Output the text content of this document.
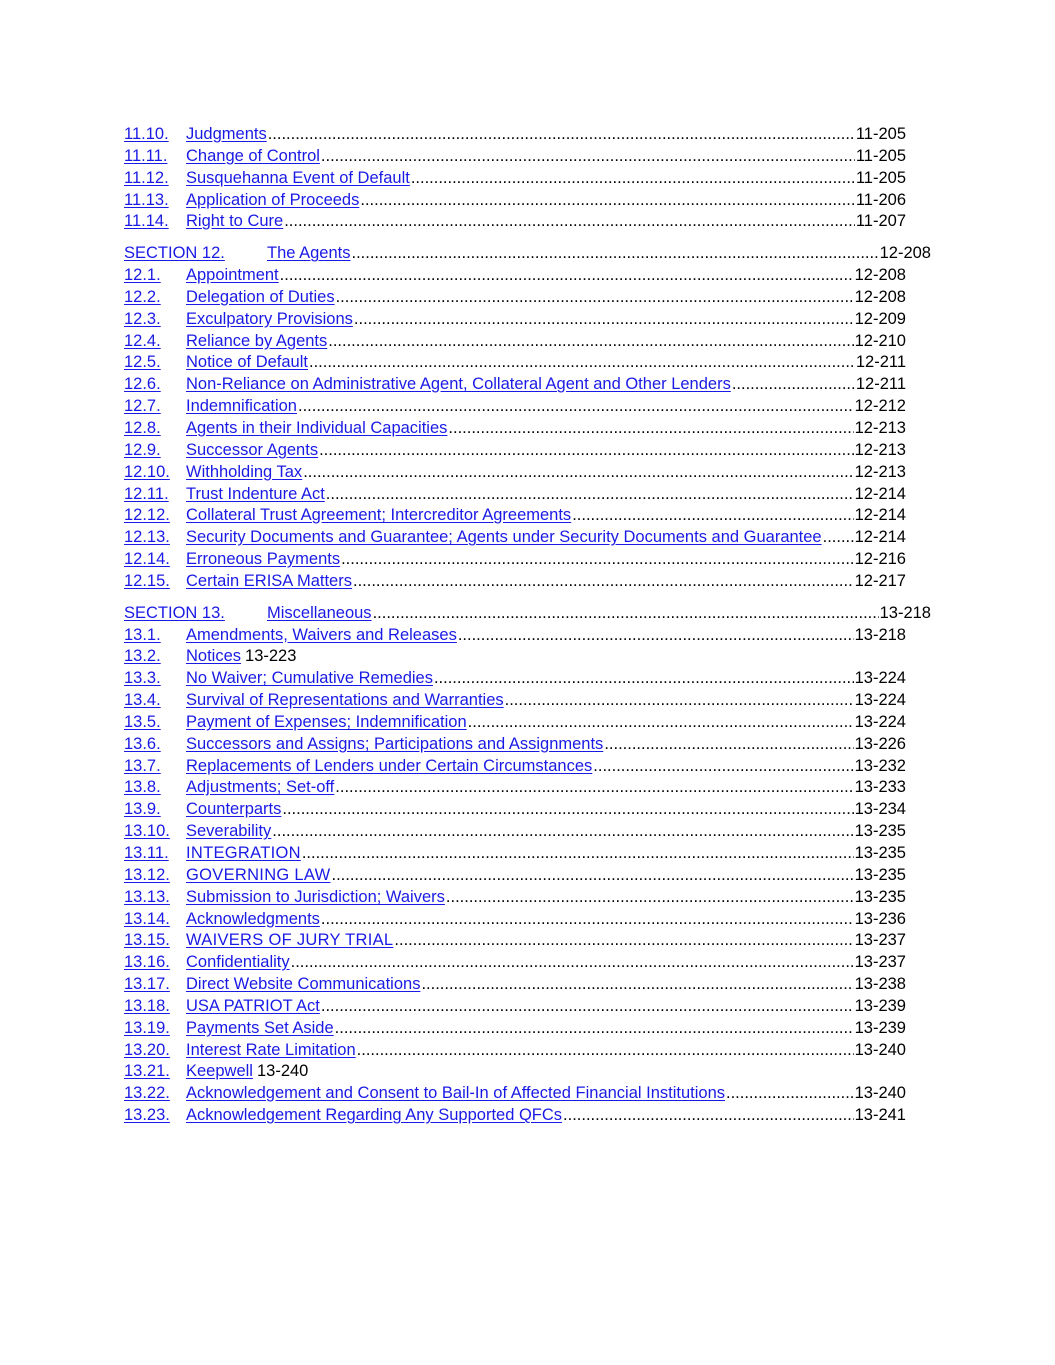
11.10.	Judgments .....	11-205
11.11.	Change of Control .....	11-205
11.12.	Susquehanna Event of Default .....	11-205
11.13.	Application of Proceeds .....	11-206
11.14.	Right to Cure .....	11-207
SECTION 12.	The Agents .....	12-208
12.1.	Appointment .....	12-208
12.2.	Delegation of Duties .....	12-208
12.3.	Exculpatory Provisions .....	12-209
12.4.	Reliance by Agents .....	12-210
12.5.	Notice of Default .....	12-211
12.6.	Non-Reliance on Administrative Agent, Collateral Agent and Other Lenders .....	12-211
12.7.	Indemnification .....	12-212
12.8.	Agents in their Individual Capacities .....	12-213
12.9.	Successor Agents .....	12-213
12.10. Withholding Tax .....	12-213
12.11.	Trust Indenture Act .....	12-214
12.12. Collateral Trust Agreement; Intercreditor Agreements .....	12-214
12.13. Security Documents and Guarantee; Agents under Security Documents and Guarantee ..... 12-214
12.14. Erroneous Payments .....	12-216
12.15. Certain ERISA Matters .....	12-217
SECTION 13.	Miscellaneous .....	13-218
13.1.	Amendments, Waivers and Releases .....	13-218
13.2.	Notices 13-223
13.3.	No Waiver; Cumulative Remedies .....	13-224
13.4.	Survival of Representations and Warranties .....	13-224
13.5.	Payment of Expenses; Indemnification .....	13-224
13.6.	Successors and Assigns; Participations and Assignments .....	13-226
13.7.	Replacements of Lenders under Certain Circumstances .....	13-232
13.8.	Adjustments; Set-off .....	13-233
13.9.	Counterparts .....	13-234
13.10. Severability .....	13-235
13.11.	INTEGRATION .....	13-235
13.12. GOVERNING LAW .....	13-235
13.13. Submission to Jurisdiction; Waivers .....	13-235
13.14. Acknowledgments .....	13-236
13.15. WAIVERS OF JURY TRIAL .....	13-237
13.16. Confidentiality .....	13-237
13.17. Direct Website Communications .....	13-238
13.18. USA PATRIOT Act .....	13-239
13.19. Payments Set Aside .....	13-239
13.20. Interest Rate Limitation .....	13-240
13.21. Keepwell 13-240
13.22. Acknowledgement and Consent to Bail-In of Affected Financial Institutions .....	13-240
13.23. Acknowledgement Regarding Any Supported QFCs .....	13-241
